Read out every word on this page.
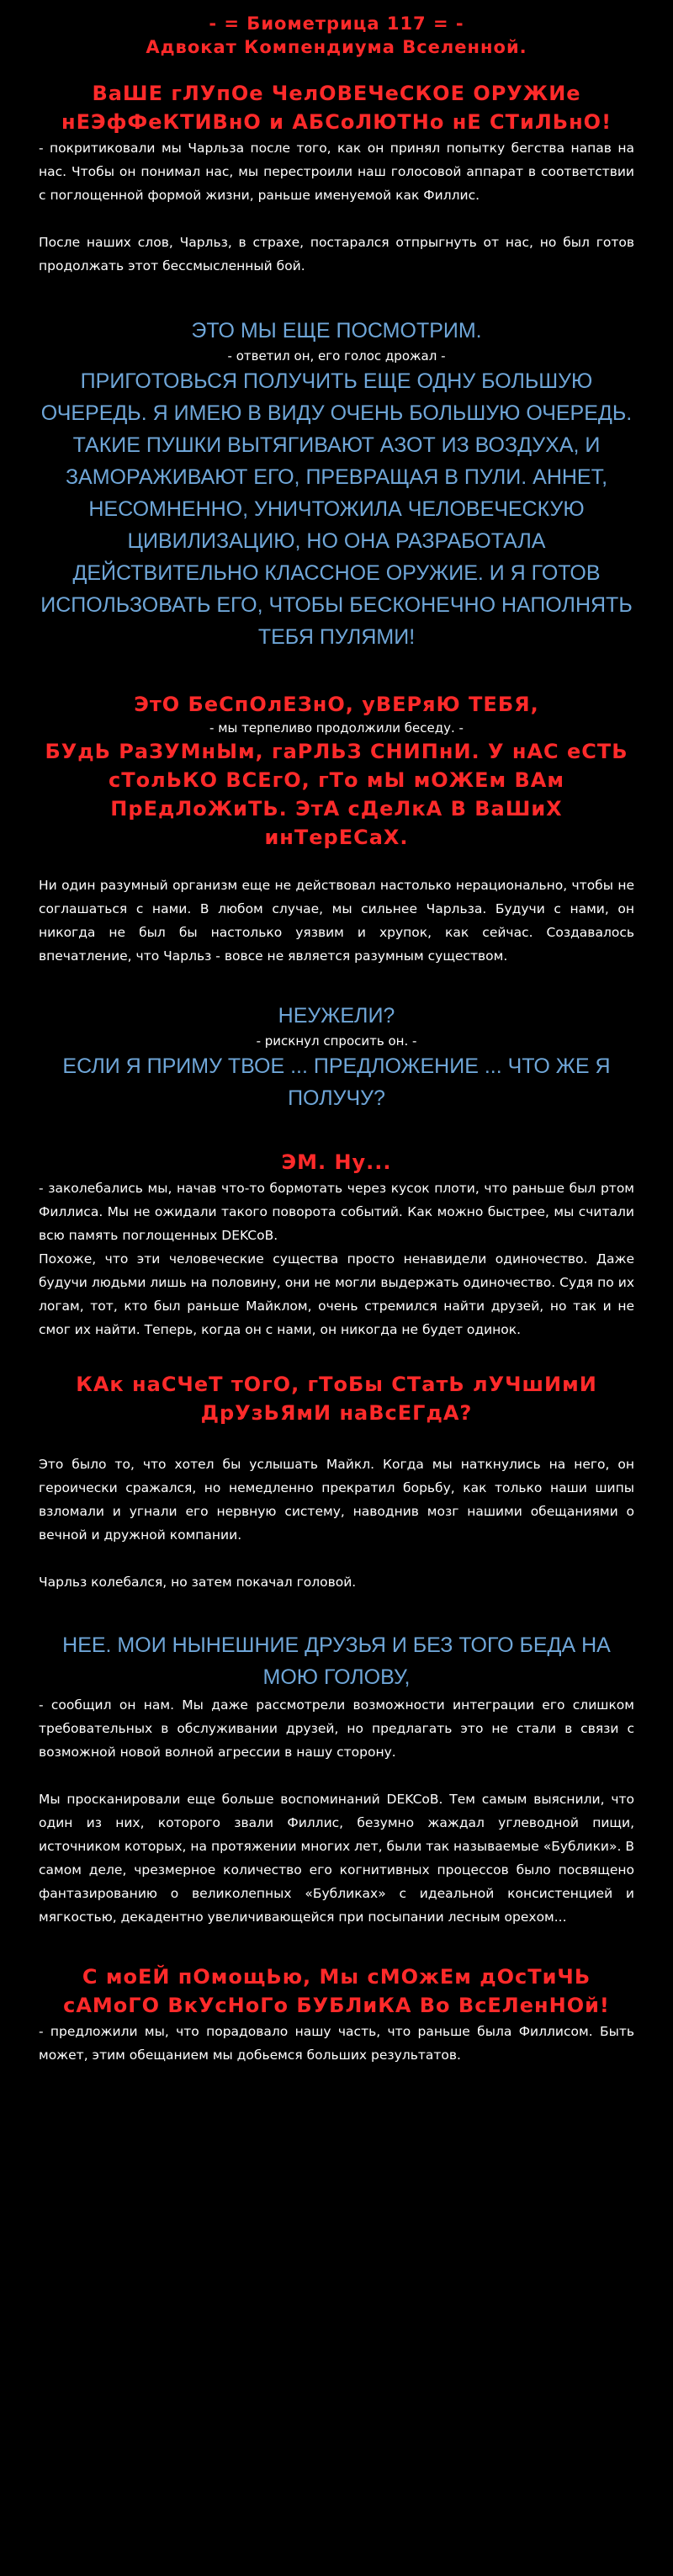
- = Биометрица 117 = -

Адвокат Компендиума Вселенной.

ВаШЕ гЛУпОе ЧелОВЕЧеСКОЕ ОРУЖИе нЕЭфФеКТИВнО и АБСоЛЮТНо нЕ СТиЛЬнО!

- покритиковали мы Чарльза после того, как он принял попытку бегства напав на нас. Чтобы он понимал нас, мы перестроили наш голосовой аппарат в соответствии с поглощенной формой жизни, раньше именуемой как Филлис.

После наших слов, Чарльз, в страхе, постарался отпрыгнуть от нас, но был готов продолжать этот бессмысленный бой.

ЭТО МЫ ЕЩЕ ПОСМОТРИМ.

- ответил он, его голос дрожал -

ПРИГОТОВЬСЯ ПОЛУЧИТЬ ЕЩЕ ОДНУ БОЛЬШУЮ ОЧЕРЕДЬ. Я ИМЕЮ В ВИДУ ОЧЕНЬ БОЛЬШУЮ ОЧЕРЕДЬ. ТАКИЕ ПУШКИ ВЫТЯГИВАЮТ АЗОТ ИЗ ВОЗДУХА, И ЗАМОРАЖИВАЮТ ЕГО, ПРЕВРАЩАЯ В ПУЛИ. АННЕТ, НЕСОМНЕННО, УНИЧТОЖИЛА ЧЕЛОВЕЧЕСКУЮ ЦИВИЛИЗАЦИЮ, НО ОНА РАЗРАБОТАЛА ДЕЙСТВИТЕЛЬНО КЛАССНОЕ ОРУЖИЕ. И Я ГОТОВ ИСПОЛЬЗОВАТЬ ЕГО, ЧТОБЫ БЕСКОНЕЧНО НАПОЛНЯТЬ ТЕБЯ ПУЛЯМИ!

ЭтО БеСпОлЕЗнО, уВЕРяЮ ТЕБЯ,

- мы терпеливо продолжили беседу. -

БУдЬ РаЗУМнЫм, гаРЛЬЗ СНИПнИ. У нАС еСТЬ сТолЬКО ВСЕгО, гТо мЫ мОЖЕм ВАм ПрЕдЛоЖиТЬ. ЭтА сДеЛкА В ВаШиХ инТерЕСаХ.

Ни один разумный организм еще не действовал настолько нерационально, чтобы не соглашаться с нами. В любом случае, мы сильнее Чарльза. Будучи с нами, он никогда не был бы настолько уязвим и хрупок, как сейчас. Создавалось впечатление, что Чарльз - вовсе не является разумным существом.

НЕУЖЕЛИ?

- рискнул спросить он. -

ЕСЛИ Я ПРИМУ ТВОЕ ... ПРЕДЛОЖЕНИЕ ... ЧТО ЖЕ Я ПОЛУЧУ?

ЭМ. Ну...

- заколебались мы, начав что-то бормотать через кусок плоти, что раньше был ртом Филлиса. Мы не ожидали такого поворота событий. Как можно быстрее, мы считали всю память поглощенных DEKCоВ.

Похоже, что эти человеческие существа просто ненавидели одиночество. Даже будучи людьми лишь на половину, они не могли выдержать одиночество. Судя по их логам, тот, кто был раньше Майклом, очень стремился найти друзей, но так и не смог их найти. Теперь, когда он с нами, он никогда не будет одинок.

КАк наСЧеТ тОгО, гТоБы СТатЬ лУЧшИмИ ДрУзЬЯмИ наВсЕГдА?

Это было то, что хотел бы услышать Майкл. Когда мы наткнулись на него, он героически сражался, но немедленно прекратил борьбу, как только наши шипы взломали и угнали его нервную систему, наводнив мозг нашими обещаниями о вечной и дружной компании.

Чарльз колебался, но затем покачал головой.

НЕЕ. МОИ НЫНЕШНИЕ ДРУЗЬЯ И БЕЗ ТОГО БЕДА НА МОЮ ГОЛОВУ,

- сообщил он нам. Мы даже рассмотрели возможности интеграции его слишком требовательных в обслуживании друзей, но предлагать это не стали в связи с возможной новой волной агрессии в нашу сторону.

Мы просканировали еще больше воспоминаний DEKCоВ. Тем самым выяснили, что один из них, которого звали Филлис, безумно жаждал углеводной пищи, источником которых, на протяжении многих лет, были так называемые «Бублики». В самом деле, чрезмерное количество его когнитивных процессов было посвящено фантазированию о великолепных «Бубликах» с идеальной консистенцией и мягкостью, декадентно увеличивающейся при посыпании лесным орехом...

С моЕЙ пОмощЬю, Мы сМОжЕм дОсТиЧЬ сАМоГО ВкУсНоГо БУБЛиКА Во ВсЕЛенНОй!

- предложили мы, что порадовало нашу часть, что раньше была Филлисом. Быть может, этим обещанием мы добьемся больших результатов.
